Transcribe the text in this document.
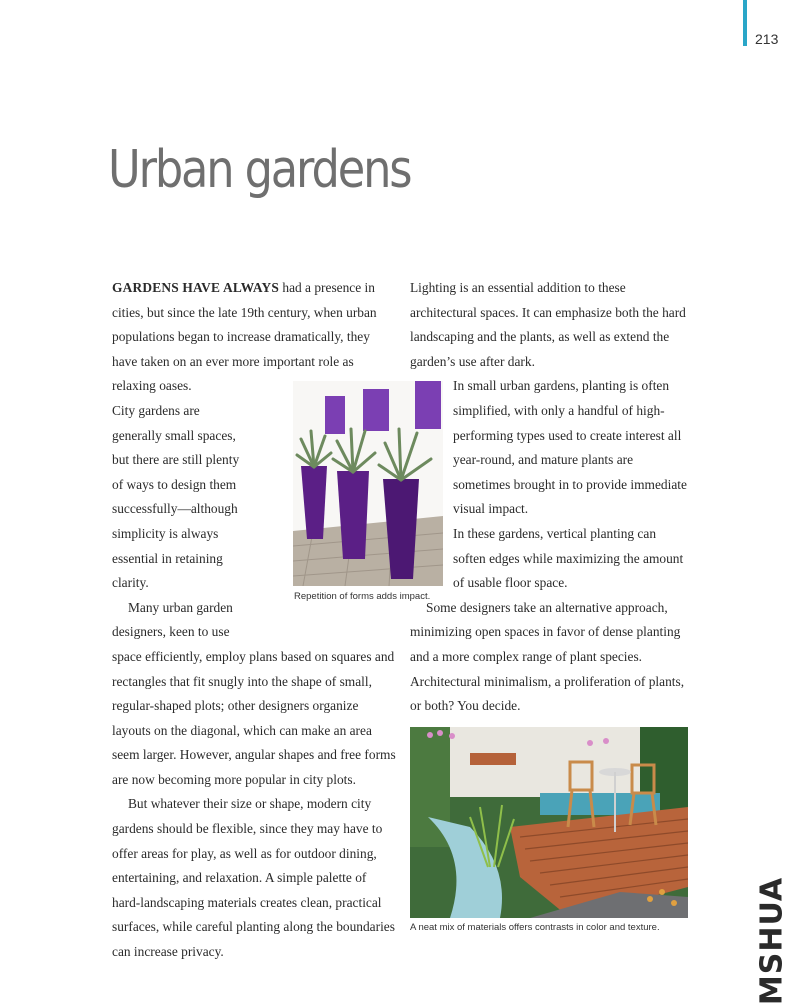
213
Urban gardens

GARDENS HAVE ALWAYS had a presence in cities, but since the late 19th century, when urban populations began to increase dramatically, they have taken on an ever more important role as relaxing oases.

City gardens are generally small spaces, but there are still plenty of ways to design them successfully—although simplicity is always essential in retaining clarity.

Many urban garden designers, keen to use space efficiently, employ plans based on squares and rectangles that fit snugly into the shape of small, regular-shaped plots; other designers organize layouts on the diagonal, which can make an area seem larger. However, angular shapes and free forms are now becoming more popular in city plots.

But whatever their size or shape, modern city gardens should be flexible, since they may have to offer areas for play, as well as for outdoor dining, entertaining, and relaxation. A simple palette of hard-landscaping materials creates clean, practical surfaces, while careful planting along the boundaries can increase privacy.

Lighting is an essential addition to these architectural spaces. It can emphasize both the hard landscaping and the plants, as well as extend the garden’s use after dark.

In small urban gardens, planting is often simplified, with only a handful of high-performing types used to create interest all year-round, and mature plants are sometimes brought in to provide immediate visual impact.

In these gardens, vertical planting can soften edges while maximizing the amount of usable floor space.

Some designers take an alternative approach, minimizing open spaces in favor of dense planting and a more complex range of plant species. Architectural minimalism, a proliferation of plants, or both? You decide.

Repetition of forms adds impact.
A neat mix of materials offers contrasts in color and texture.	MSHUA
